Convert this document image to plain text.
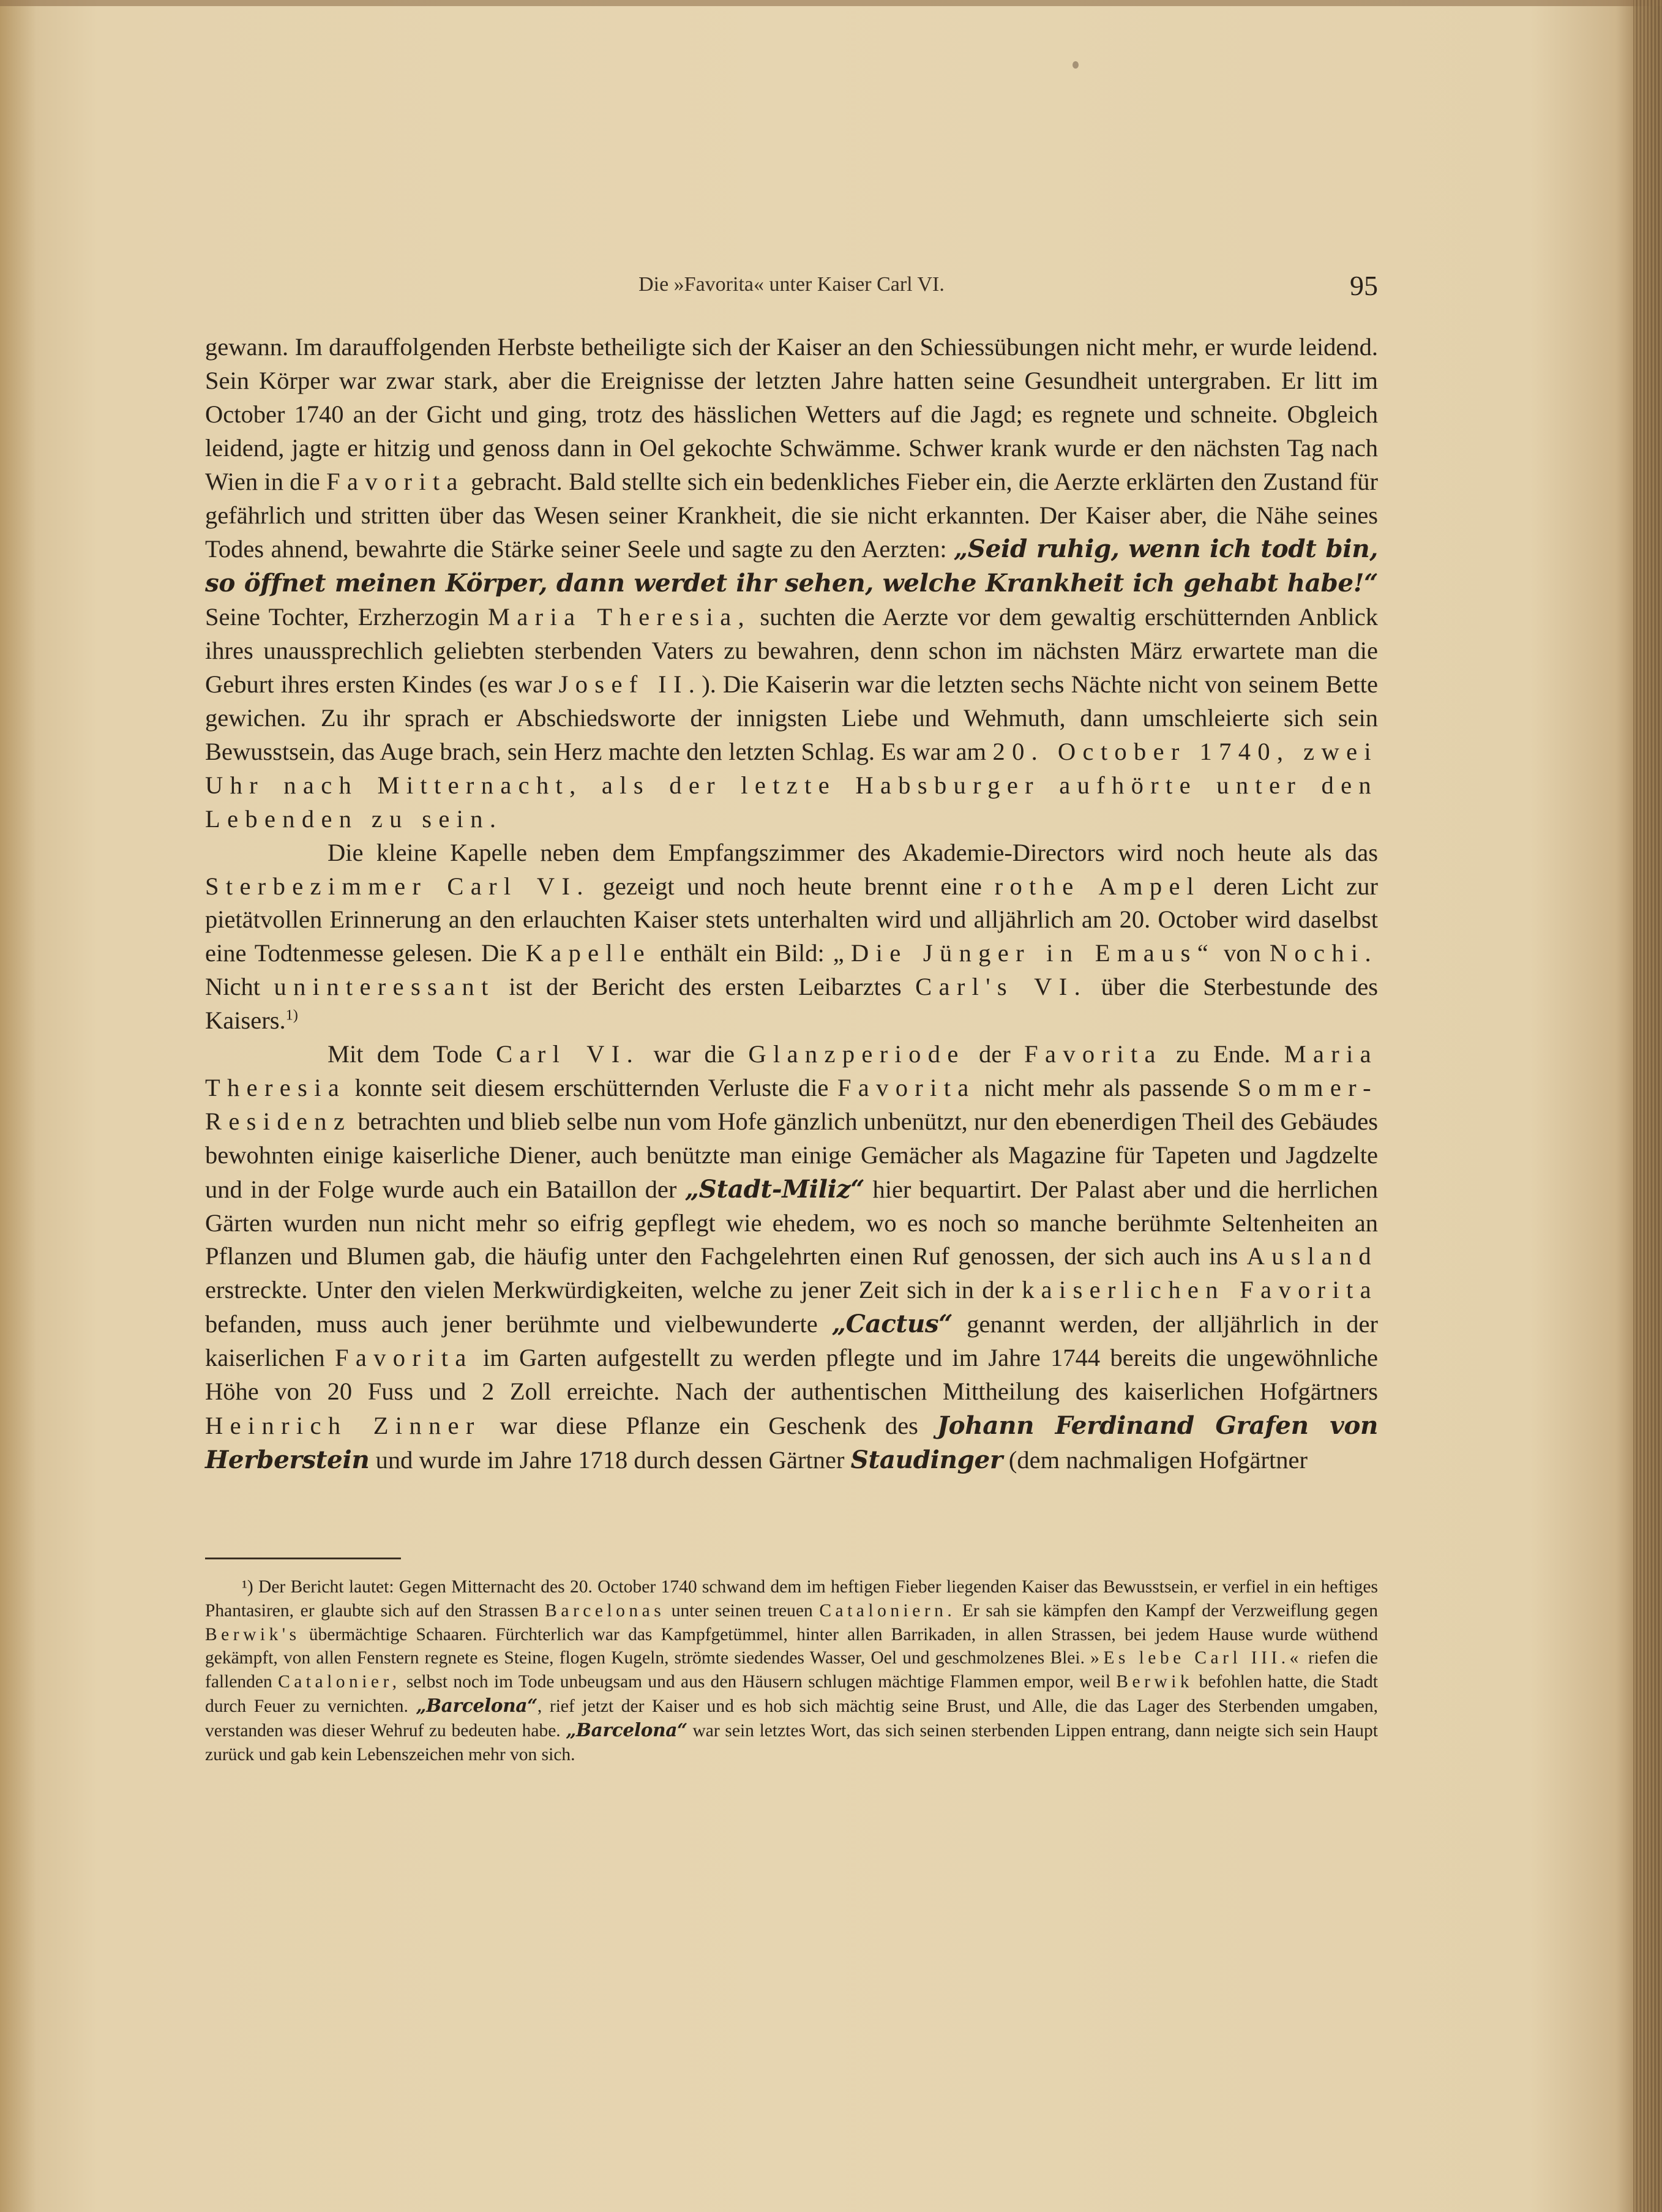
Die »Favorita« unter Kaiser Carl VI.	95

gewann. Im darauffolgenden Herbste betheiligte sich der Kaiser an den Schiessübungen nicht mehr, er wurde leidend. Sein Körper war zwar stark, aber die Ereignisse der letzten Jahre hatten seine Gesundheit untergraben. Er litt im October 1740 an der Gicht und ging, trotz des hässlichen Wetters auf die Jagd; es regnete und schneite. Obgleich leidend, jagte er hitzig und genoss dann in Oel gekochte Schwämme. Schwer krank wurde er den nächsten Tag nach Wien in die Favorita gebracht. Bald stellte sich ein bedenkliches Fieber ein, die Aerzte erklärten den Zustand für gefährlich und stritten über das Wesen seiner Krankheit, die sie nicht erkannten. Der Kaiser aber, die Nähe seines Todes ahnend, bewahrte die Stärke seiner Seele und sagte zu den Aerzten: „Seid ruhig, wenn ich todt bin, so öffnet meinen Körper, dann werdet ihr sehen, welche Krankheit ich gehabt habe!“ Seine Tochter, Erzherzogin Maria Theresia, suchten die Aerzte vor dem gewaltig erschütternden Anblick ihres unaussprechlich geliebten sterbenden Vaters zu bewahren, denn schon im nächsten März erwartete man die Geburt ihres ersten Kindes (es war Josef II.). Die Kaiserin war die letzten sechs Nächte nicht von seinem Bette gewichen. Zu ihr sprach er Abschiedsworte der innigsten Liebe und Wehmuth, dann umschleierte sich sein Bewusstsein, das Auge brach, sein Herz machte den letzten Schlag. Es war am 20. October 1740, zwei Uhr nach Mitternacht, als der letzte Habsburger aufhörte unter den Lebenden zu sein.

Die kleine Kapelle neben dem Empfangszimmer des Akademie-Directors wird noch heute als das Sterbezimmer Carl VI. gezeigt und noch heute brennt eine rothe Ampel deren Licht zur pietätvollen Erinnerung an den erlauchten Kaiser stets unterhalten wird und alljährlich am 20. October wird daselbst eine Todtenmesse gelesen. Die Kapelle enthält ein Bild: „Die Jünger in Emaus“ von Nochi. Nicht uninteressant ist der Bericht des ersten Leibarztes Carl's VI. über die Sterbestunde des Kaisers.$^{1)}$

Mit dem Tode Carl VI. war die Glanzperiode der Favorita zu Ende. Maria Theresia konnte seit diesem erschütternden Verluste die Favorita nicht mehr als passende Sommer-Residenz betrachten und blieb selbe nun vom Hofe gänzlich unbenützt, nur den ebenerdigen Theil des Gebäudes bewohnten einige kaiserliche Diener, auch benützte man einige Gemächer als Magazine für Tapeten und Jagdzelte und in der Folge wurde auch ein Bataillon der „Stadt-Miliz“ hier bequartirt. Der Palast aber und die herrlichen Gärten wurden nun nicht mehr so eifrig gepflegt wie ehedem, wo es noch so manche berühmte Seltenheiten an Pflanzen und Blumen gab, die häufig unter den Fachgelehrten einen Ruf genossen, der sich auch ins Ausland erstreckte. Unter den vielen Merkwürdigkeiten, welche zu jener Zeit sich in der kaiserlichen Favorita befanden, muss auch jener berühmte und vielbewunderte „Cactus“ genannt werden, der alljährlich in der kaiserlichen Favorita im Garten aufgestellt zu werden pflegte und im Jahre 1744 bereits die ungewöhnliche Höhe von 20 Fuss und 2 Zoll erreichte. Nach der authentischen Mittheilung des kaiserlichen Hofgärtners Heinrich Zinner war diese Pflanze ein Geschenk des Johann Ferdinand Grafen von Herberstein und wurde im Jahre 1718 durch dessen Gärtner Staudinger (dem nachmaligen Hofgärtner

¹) Der Bericht lautet: Gegen Mitternacht des 20. October 1740 schwand dem im heftigen Fieber liegenden Kaiser das Bewusstsein, er verfiel in ein heftiges Phantasiren, er glaubte sich auf den Strassen Barcelonas unter seinen treuen Cataloniern. Er sah sie kämpfen den Kampf der Verzweiflung gegen Berwik's übermächtige Schaaren. Fürchterlich war das Kampfgetümmel, hinter allen Barrikaden, in allen Strassen, bei jedem Hause wurde wüthend gekämpft, von allen Fenstern regnete es Steine, flogen Kugeln, strömte siedendes Wasser, Oel und geschmolzenes Blei. »Es lebe Carl III.« riefen die fallenden Catalonier, selbst noch im Tode unbeugsam und aus den Häusern schlugen mächtige Flammen empor, weil Berwik befohlen hatte, die Stadt durch Feuer zu vernichten. „Barcelona“, rief jetzt der Kaiser und es hob sich mächtig seine Brust, und Alle, die das Lager des Sterbenden umgaben, verstanden was dieser Wehruf zu bedeuten habe. „Barcelona“ war sein letztes Wort, das sich seinen sterbenden Lippen entrang, dann neigte sich sein Haupt zurück und gab kein Lebenszeichen mehr von sich.
